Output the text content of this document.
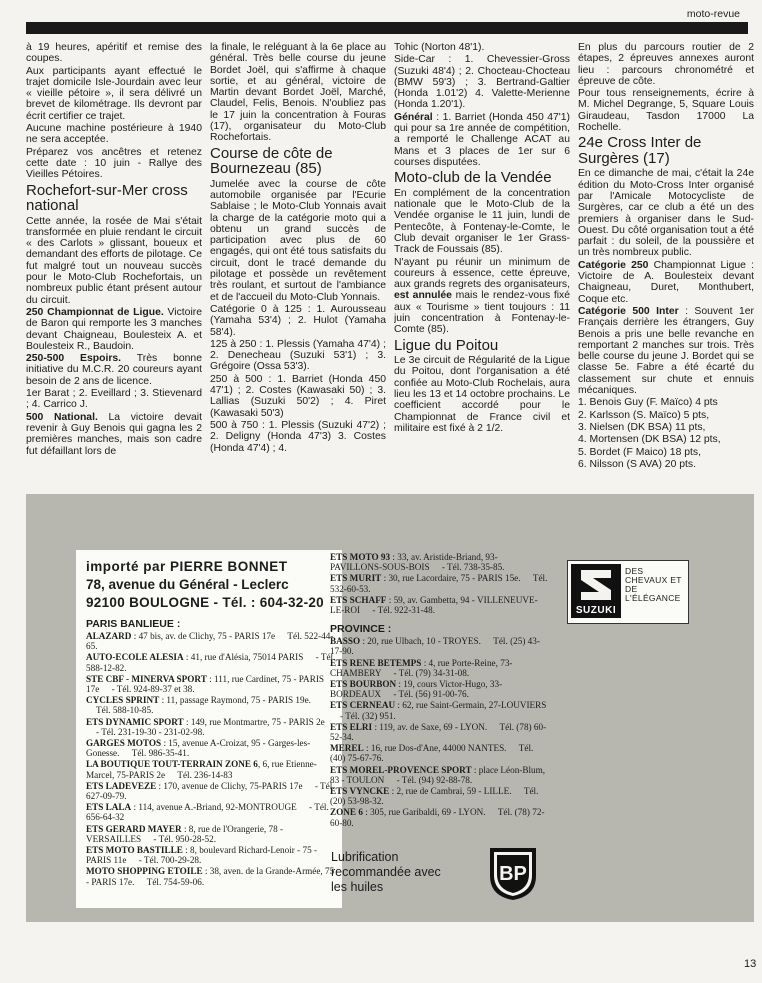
moto-revue

à 19 heures, apéritif et remise des coupes.

Aux participants ayant effectué le trajet domicile Isle-Jourdain avec leur « vieille pétoire », il sera délivré un brevet de kilométrage. Ils devront par écrit certifier ce trajet.

Aucune machine postérieure à 1940 ne sera acceptée.

Préparez vos ancêtres et retenez cette date : 10 juin - Rallye des Vieilles Pétoires.

Rochefort-sur-Mer cross national

Cette année, la rosée de Mai s'était transformée en pluie rendant le circuit « des Carlots » glissant, boueux et demandant des efforts de pilotage. Ce fut malgré tout un nouveau succès pour le Moto-Club Rochefortais, un nombreux public étant présent autour du circuit.

250 Championnat de Ligue. Victoire de Baron qui remporte les 3 manches devant Chaigneau, Boulesteix A. et Boulesteix R., Baudoin.

250-500 Espoirs. Très bonne initiative du M.C.R. 20 coureurs ayant besoin de 2 ans de licence.

1er Barat ; 2. Eveillard ; 3. Stievenard ; 4. Carrico J.

500 National. La victoire devait revenir à Guy Benois qui gagna les 2 premières manches, mais son cadre fut défaillant lors de

la finale, le reléguant à la 6e place au général. Très belle course du jeune Bordet Joël, qui s'affirme à chaque sortie, et au général, victoire de Martin devant Bordet Joël, Marché, Claudel, Felis, Benois. N'oubliez pas le 17 juin la concentration à Fouras (17), organisateur du Moto-Club Rochefortais.

Course de côte de Bournezeau (85)

Jumelée avec la course de côte automobile organisée par l'Ecurie Sablaise ; le Moto-Club Yonnais avait la charge de la catégorie moto qui a obtenu un grand succès de participation avec plus de 60 engagés, qui ont été tous satisfaits du circuit, dont le tracé demande du pilotage et possède un revêtement très roulant, et surtout de l'ambiance et de l'accueil du Moto-Club Yonnais.

Catégorie 0 à 125 : 1. Aurousseau (Yamaha 53'4) ; 2. Hulot (Yamaha 58'4).

125 à 250 : 1. Plessis (Yamaha 47'4) ; 2. Denecheau (Suzuki 53'1) ; 3. Grégoire (Ossa 53'3).

250 à 500 : 1. Barriet (Honda 450 47'1) ; 2. Costes (Kawasaki 50) ; 3. Lallias (Suzuki 50'2) ; 4. Piret (Kawasaki 50'3)

500 à 750 : 1. Plessis (Suzuki 47'2) ; 2. Deligny (Honda 47'3) 3. Costes (Honda 47'4) ; 4.

Tohic (Norton 48'1).

Side-Car : 1. Chevessier-Gross (Suzuki 48'4) ; 2. Chocteau-Chocteau (BMW 59'3) ; 3. Bertrand-Galtier (Honda 1.01'2) 4. Valette-Merienne (Honda 1.20'1).

Général : 1. Barriet (Honda 450 47'1) qui pour sa 1re année de compétition, a remporté le Challenge ACAT au Mans et 3 places de 1er sur 6 courses disputées.

Moto-club de la Vendée

En complément de la concentration nationale que le Moto-Club de la Vendée organise le 11 juin, lundi de Pentecôte, à Fontenay-le-Comte, le Club devait organiser le 1er Grass-Track de Foussais (85).

N'ayant pu réunir un minimum de coureurs à essence, cette épreuve, aux grands regrets des organisateurs, est annulée mais le rendez-vous fixé aux « Tourisme » tient toujours : 11 juin concentration à Fontenay-le-Comte (85).

Ligue du Poitou

Le 3e circuit de Régularité de la Ligue du Poitou, dont l'organisation a été confiée au Moto-Club Rochelais, aura lieu les 13 et 14 octobre prochains. Le coefficient accordé pour le Championnat de France civil et militaire est fixé à 2 1/2.

En plus du parcours routier de 2 étapes, 2 épreuves annexes auront lieu : parcours chronométré et épreuve de côte.

Pour tous renseignements, écrire à M. Michel Degrange, 5, Square Louis Giraudeau, Tasdon 17000 La Rochelle.

24e Cross Inter de Surgères (17)

En ce dimanche de mai, c'était la 24e édition du Moto-Cross Inter organisé par l'Amicale Motocycliste de Surgères, car ce club a été un des premiers à organiser dans le Sud-Ouest. Du côté organisation tout a été parfait : du soleil, de la poussière et un très nombreux public.

Catégorie 250 Championnat Ligue : Victoire de A. Boulesteix devant Chaigneau, Duret, Monthubert, Coque etc.

Catégorie 500 Inter : Souvent 1er Français derrière les étrangers, Guy Benois a pris une belle revanche en remportant 2 manches sur trois. Très belle course du jeune J. Bordet qui se classe 5e. Fabre a été écarté du classement sur chute et ennuis mécaniques.

1. Benois Guy (F. Maïco) 4 pts

2. Karlsson (S. Maïco) 5 pts,

3. Nielsen (DK BSA) 11 pts,

4. Mortensen (DK BSA) 12 pts,

5. Bordet (F Maico) 18 pts,

6. Nilsson (S AVA) 20 pts.

importé par PIERRE BONNET
78, avenue du Général - Leclerc
92100 BOULOGNE - Tél. : 604-32-20
PARIS BANLIEUE :
ALAZARD : 47 bis, av. de Clichy, 75 - PARIS 17e Tél. 522-44-65.
AUTO-ECOLE ALESIA : 41, rue d'Alésia, 75014 PARIS - Tél. 588-12-82.
STE CBF - MINERVA SPORT : 111, rue Cardinet, 75 - PARIS 17e - Tél. 924-89-37 et 38.
CYCLES SPRINT : 11, passage Raymond, 75 - PARIS 19e. Tél. 588-10-85.
ETS DYNAMIC SPORT : 149, rue Montmartre, 75 - PARIS 2e - Tél. 231-19-30 - 231-02-98.
GARGES MOTOS : 15, avenue A-Croizat, 95 - Garges-les-Gonesse. Tél. 986-35-41.
LA BOUTIQUE TOUT-TERRAIN ZONE 6, 6, rue Etienne-Marcel, 75-PARIS 2e Tél. 236-14-83
ETS LADEVEZE : 170, avenue de Clichy, 75-PARIS 17e - Tél. 627-09-79.
ETS LALA : 114, avenue A.-Briand, 92-MONTROUGE - Tél. 656-64-32
ETS GERARD MAYER : 8, rue de l'Orangerie, 78 - VERSAILLES - Tél. 950-28-52.
ETS MOTO BASTILLE : 8, boulevard Richard-Lenoir - 75 - PARIS 11e - Tél. 700-29-28.
MOTO SHOPPING ETOILE : 38, aven. de la Grande-Armée, 75 - PARIS 17e. Tél. 754-59-06.
ETS MOTO 93 : 33, av. Aristide-Briand, 93-PAVILLONS-SOUS-BOIS - Tél. 738-35-85.
ETS MURIT : 30, rue Lacordaire, 75 - PARIS 15e. Tél. 532-60-53.
ETS SCHAFF : 59, av. Gambetta, 94 - VILLENEUVE-LE-ROI - Tél. 922-31-48.
PROVINCE :
BASSO : 20, rue Ulbach, 10 - TROYES. Tél. (25) 43-17-90.
ETS RENE BETEMPS : 4, rue Porte-Reine, 73-CHAMBERY - Tél. (79) 34-31-08.
ETS BOURBON : 19, cours Victor-Hugo, 33-BORDEAUX - Tél. (56) 91-00-76.
ETS CERNEAU : 62, rue Saint-Germain, 27-LOUVIERS - Tél. (32) 951.
ETS ELRI : 119, av. de Saxe, 69 - LYON. Tél. (78) 60-52-34.
MEREL : 16, rue Dos-d'Ane, 44000 NANTES. Tél. (40) 75-67-76.
ETS MOREL-PROVENCE SPORT : place Léon-Blum, 83 - TOULON - Tél. (94) 92-88-78.
ETS VYNCKE : 2, rue de Cambrai, 59 - LILLE. Tél. (20) 53-98-32.
ZONE 6 : 305, rue Garibaldi, 69 - LYON. Tél. (78) 72-60-80.
SUZUKI
DES CHEVAUX ET DE L'ÉLÉGANCE
Lubrification recommandée avec les huiles
BP
13
